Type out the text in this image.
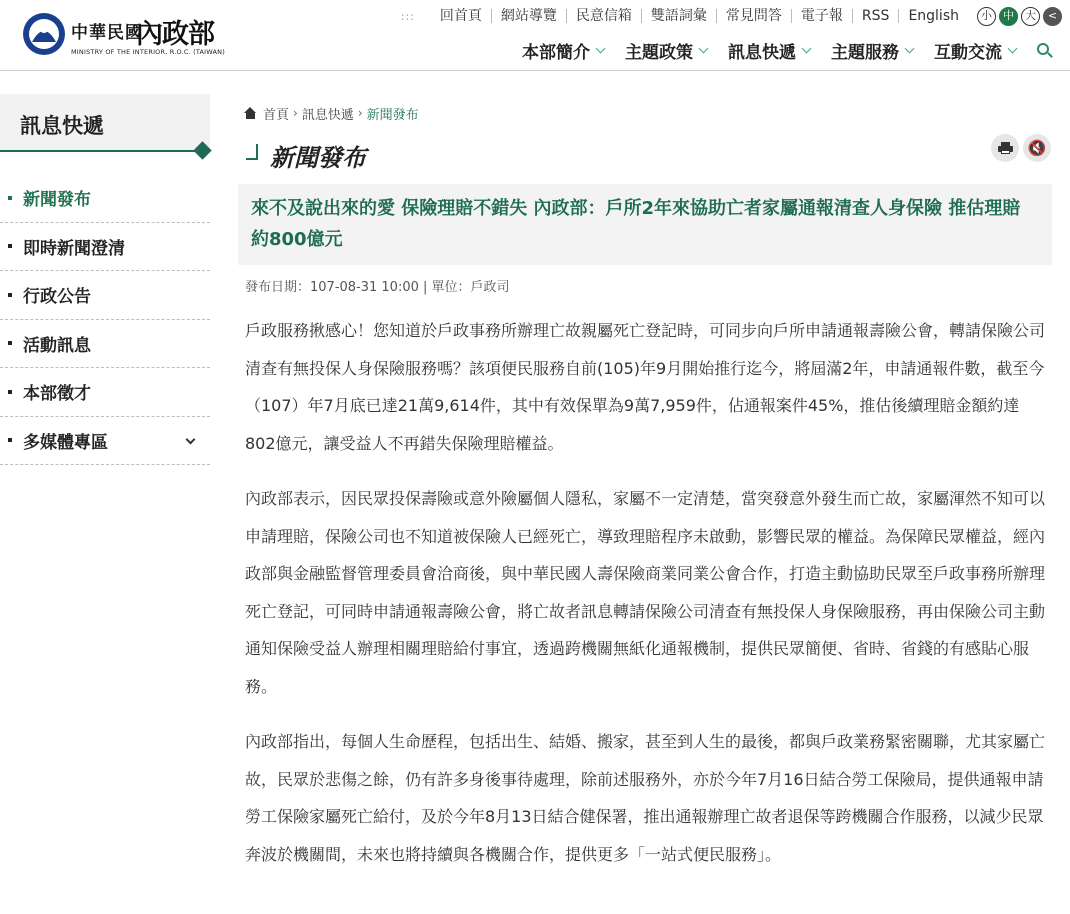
中華民國
內政部
MINISTRY OF THE INTERIOR, R.O.C. (TAIWAN)
:::	回首頁	網站導覽	民意信箱	雙語詞彙	常見問答	電子報	RSS	English	小	中	大	<
本部簡介 主題政策 訊息快遞 主題服務 互動交流
訊息快遞
新聞發布
即時新聞澄清
行政公告
活動訊息
本部徵才
多媒體專區
首頁 › 訊息快遞 › 新聞發布
新聞發布	🔇
來不及說出來的愛 保險理賠不錯失 內政部：戶所2年來協助亡者家屬通報清查人身保險 推估理賠約800億元
發布日期：107-08-31 10:00 | 單位：戶政司

戶政服務揪感心！您知道於戶政事務所辦理亡故親屬死亡登記時，可同步向戶所申請通報壽險公會，轉請保險公司清查有無投保人身保險服務嗎？該項便民服務自前(105)年9月開始推行迄今，將屆滿2年，申請通報件數，截至今（107）年7月底已達21萬9,614件，其中有效保單為9萬7,959件，佔通報案件45%，推估後續理賠金額約達802億元，讓受益人不再錯失保險理賠權益。

內政部表示，因民眾投保壽險或意外險屬個人隱私，家屬不一定清楚，當突發意外發生而亡故，家屬渾然不知可以申請理賠，保險公司也不知道被保險人已經死亡，導致理賠程序未啟動，影響民眾的權益。為保障民眾權益，經內政部與金融監督管理委員會洽商後，與中華民國人壽保險商業同業公會合作，打造主動協助民眾至戶政事務所辦理死亡登記，可同時申請通報壽險公會，將亡故者訊息轉請保險公司清查有無投保人身保險服務，再由保險公司主動通知保險受益人辦理相關理賠給付事宜，透過跨機關無紙化通報機制，提供民眾簡便、省時、省錢的有感貼心服務。

內政部指出，每個人生命歷程，包括出生、結婚、搬家，甚至到人生的最後，都與戶政業務緊密關聯，尤其家屬亡故，民眾於悲傷之餘，仍有許多身後事待處理，除前述服務外，亦於今年7月16日結合勞工保險局，提供通報申請勞工保險家屬死亡給付，及於今年8月13日結合健保署，推出通報辦理亡故者退保等跨機關合作服務，以減少民眾奔波於機關間，未來也將持續與各機關合作，提供更多「一站式便民服務」。
